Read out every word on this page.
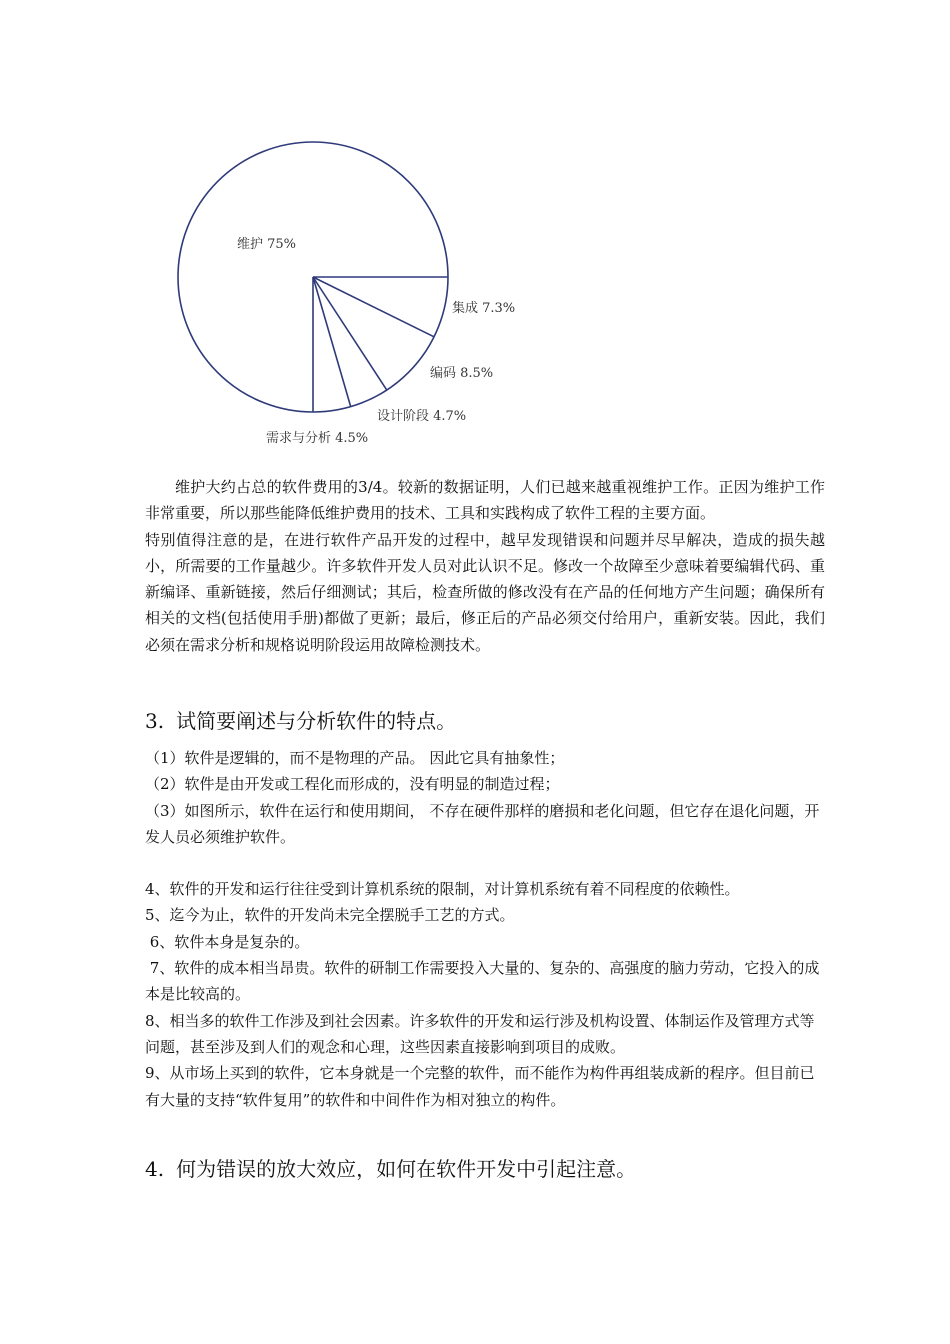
维护 75%
集成 7.3%
编码 8.5%
设计阶段 4.7%
需求与分析 4.5%

维护大约占总的软件费用的3/4。较新的数据证明，人们已越来越重视维护工作。正因为维护工作非常重要，所以那些能降低维护费用的技术、工具和实践构成了软件工程的主要方面。

特别值得注意的是，在进行软件产品开发的过程中，越早发现错误和问题并尽早解决，造成的损失越小，所需要的工作量越少。许多软件开发人员对此认识不足。修改一个故障至少意味着要编辑代码、重新编译、重新链接，然后仔细测试；其后，检查所做的修改没有在产品的任何地方产生问题；确保所有相关的文档(包括使用手册)都做了更新；最后，修正后的产品必须交付给用户，重新安装。因此，我们必须在需求分析和规格说明阶段运用故障检测技术。

3. 试简要阐述与分析软件的特点。

（1）软件是逻辑的，而不是物理的产品。 因此它具有抽象性；

（2）软件是由开发或工程化而形成的，没有明显的制造过程；

（3）如图所示，软件在运行和使用期间， 不存在硬件那样的磨损和老化问题，但它存在退化问题，开发人员必须维护软件。

4、软件的开发和运行往往受到计算机系统的限制，对计算机系统有着不同程度的依赖性。

5、迄今为止，软件的开发尚未完全摆脱手工艺的方式。

6、软件本身是复杂的。

7、软件的成本相当昂贵。软件的研制工作需要投入大量的、复杂的、高强度的脑力劳动，它投入的成本是比较高的。

8、相当多的软件工作涉及到社会因素。许多软件的开发和运行涉及机构设置、体制运作及管理方式等问题，甚至涉及到人们的观念和心理，这些因素直接影响到项目的成败。

9、从市场上买到的软件，它本身就是一个完整的软件，而不能作为构件再组装成新的程序。但目前已有大量的支持“软件复用”的软件和中间件作为相对独立的构件。

4. 何为错误的放大效应，如何在软件开发中引起注意。
